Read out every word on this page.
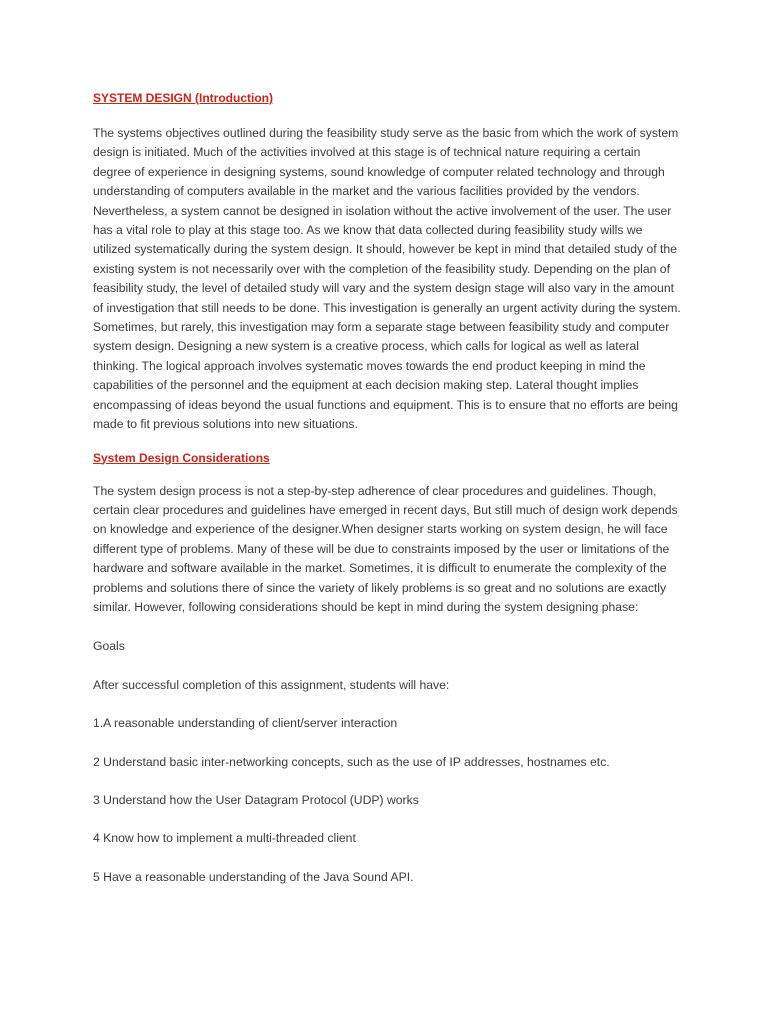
SYSTEM DESIGN (Introduction)

The systems objectives outlined during the feasibility study serve as the basic from which the work of system design is initiated. Much of the activities involved at this stage is of technical nature requiring a certain degree of experience in designing systems, sound knowledge of computer related technology and through understanding of computers available in the market and the various facilities provided by the vendors. Nevertheless, a system cannot be designed in isolation without the active involvement of the user. The user has a vital role to play at this stage too. As we know that data collected during feasibility study wills we utilized systematically during the system design. It should, however be kept in mind that detailed study of the existing system is not necessarily over with the completion of the feasibility study. Depending on the plan of feasibility study, the level of detailed study will vary and the system design stage will also vary in the amount of investigation that still needs to be done. This investigation is generally an urgent activity during the system. Sometimes, but rarely, this investigation may form a separate stage between feasibility study and computer system design. Designing a new system is a creative process, which calls for logical as well as lateral thinking. The logical approach involves systematic moves towards the end product keeping in mind the capabilities of the personnel and the equipment at each decision making step. Lateral thought implies encompassing of ideas beyond the usual functions and equipment. This is to ensure that no efforts are being made to fit previous solutions into new situations.

System Design Considerations

The system design process is not a step-by-step adherence of clear procedures and guidelines. Though, certain clear procedures and guidelines have emerged in recent days, But still much of design work depends on knowledge and experience of the designer.When designer starts working on system design, he will face different type of problems. Many of these will be due to constraints imposed by the user or limitations of the hardware and software available in the market. Sometimes, it is difficult to enumerate the complexity of the problems and solutions there of since the variety of likely problems is so great and no solutions are exactly similar. However, following considerations should be kept in mind during the system designing phase:

Goals

After successful completion of this assignment, students will have:

1.A reasonable understanding of client/server interaction

2 Understand basic inter-networking concepts, such as the use of IP addresses, hostnames etc.

3 Understand how the User Datagram Protocol (UDP) works

4 Know how to implement a multi-threaded client

5 Have a reasonable understanding of the Java Sound API.
